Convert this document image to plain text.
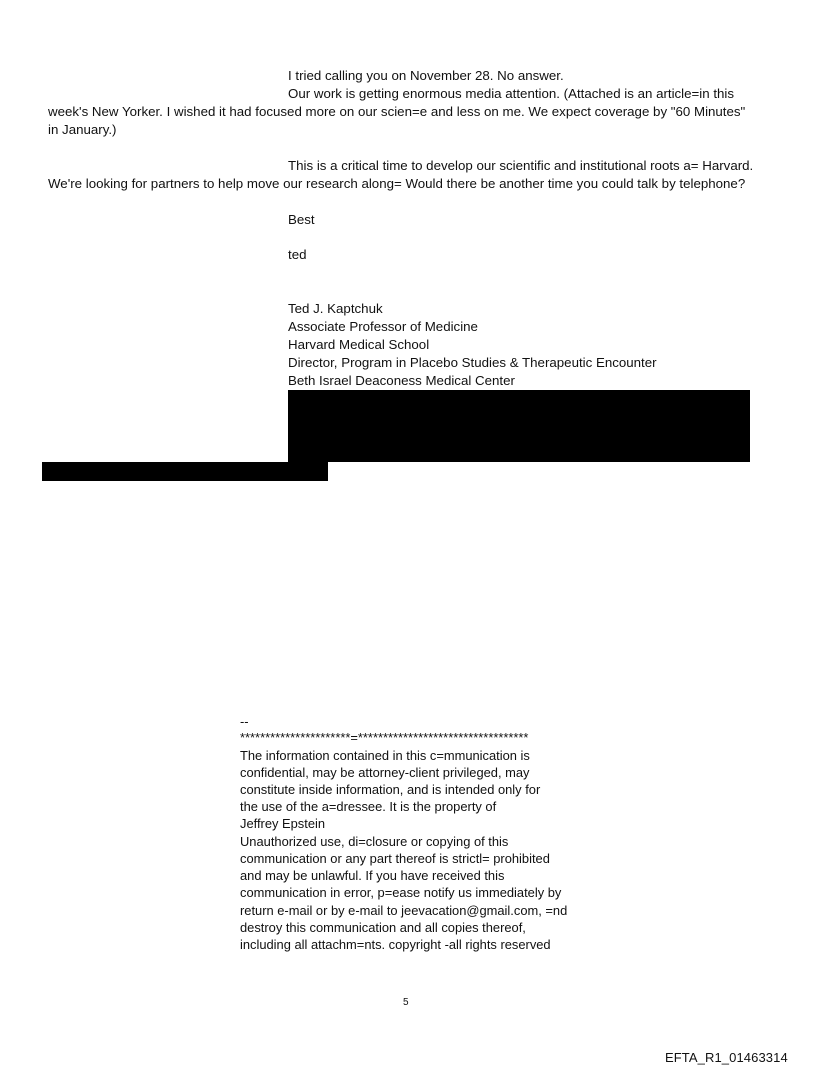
I tried calling you on November 28. No answer.
Our work is getting enormous media attention. (Attached is an article=in this
week's New Yorker. I wished it had focused more on our scien=e and less on me. We expect coverage by "60 Minutes"
in January.)
This is a critical time to develop our scientific and institutional roots a= Harvard.
We're looking for partners to help move our research along= Would there be another time you could talk by telephone?
Best
ted
Ted J. Kaptchuk
Associate Professor of Medicine
Harvard Medical School
Director, Program in Placebo Studies & Therapeutic Encounter
Beth Israel Deaconess Medical Center
--
**********************=**********************************
The information contained in this c=mmunication is
confidential, may be attorney-client privileged, may
constitute inside information, and is intended only for
the use of the a=dressee. It is the property of
Jeffrey Epstein
Unauthorized use, di=closure or copying of this
communication or any part thereof is strictl= prohibited
and may be unlawful. If you have received this
communication in error, p=ease notify us immediately by
return e-mail or by e-mail to jeevacation@gmail.com, =nd
destroy this communication and all copies thereof,
including all attachm=nts. copyright -all rights reserved
5
EFTA_R1_01463314
